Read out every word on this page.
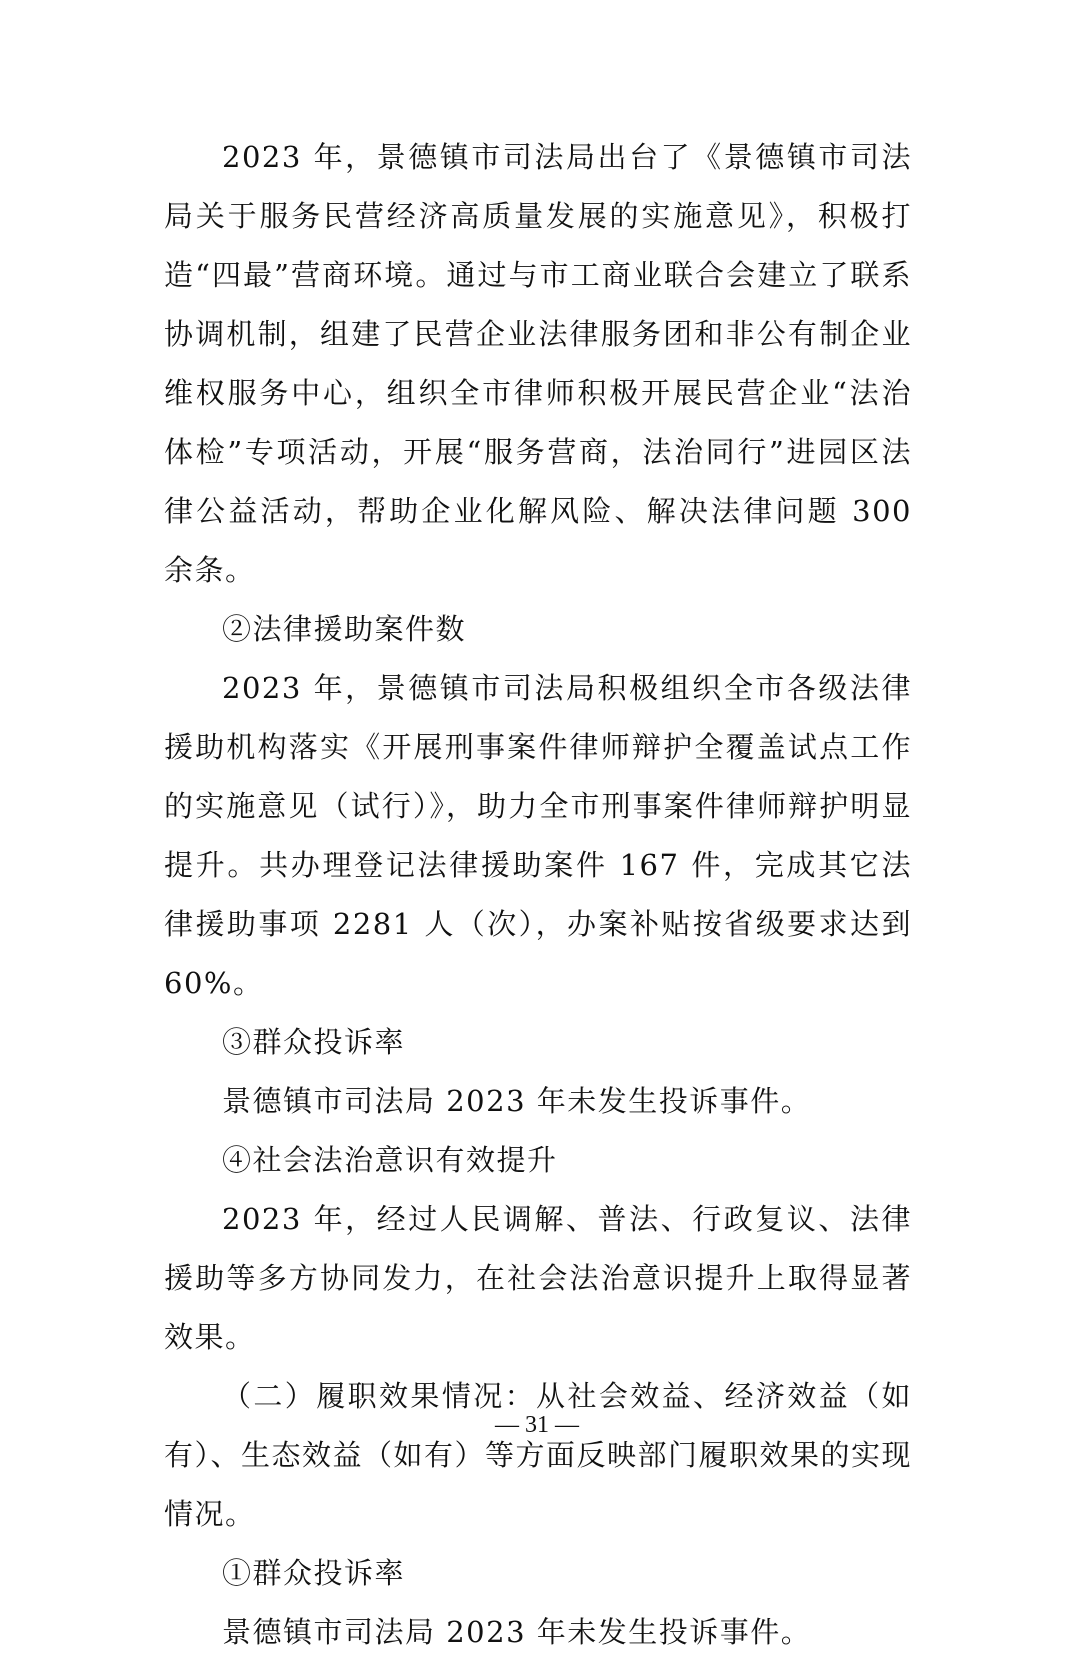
2023 年，景德镇市司法局出台了《景德镇市司法局关于服务民营经济高质量发展的实施意见》，积极打造“四最”营商环境。通过与市工商业联合会建立了联系协调机制，组建了民营企业法律服务团和非公有制企业维权服务中心，组织全市律师积极开展民营企业“法治体检”专项活动，开展“服务营商，法治同行”进园区法律公益活动，帮助企业化解风险、解决法律问题 300 余条。

②法律援助案件数

2023 年，景德镇市司法局积极组织全市各级法律援助机构落实《开展刑事案件律师辩护全覆盖试点工作的实施意见（试行）》，助力全市刑事案件律师辩护明显提升。共办理登记法律援助案件 167 件，完成其它法律援助事项 2281 人（次），办案补贴按省级要求达到 60%。

③群众投诉率

景德镇市司法局 2023 年未发生投诉事件。

④社会法治意识有效提升

2023 年，经过人民调解、普法、行政复议、法律援助等多方协同发力，在社会法治意识提升上取得显著效果。

（二）履职效果情况：从社会效益、经济效益（如有）、生态效益（如有）等方面反映部门履职效果的实现情况。

①群众投诉率

景德镇市司法局 2023 年未发生投诉事件。

— 31 —
